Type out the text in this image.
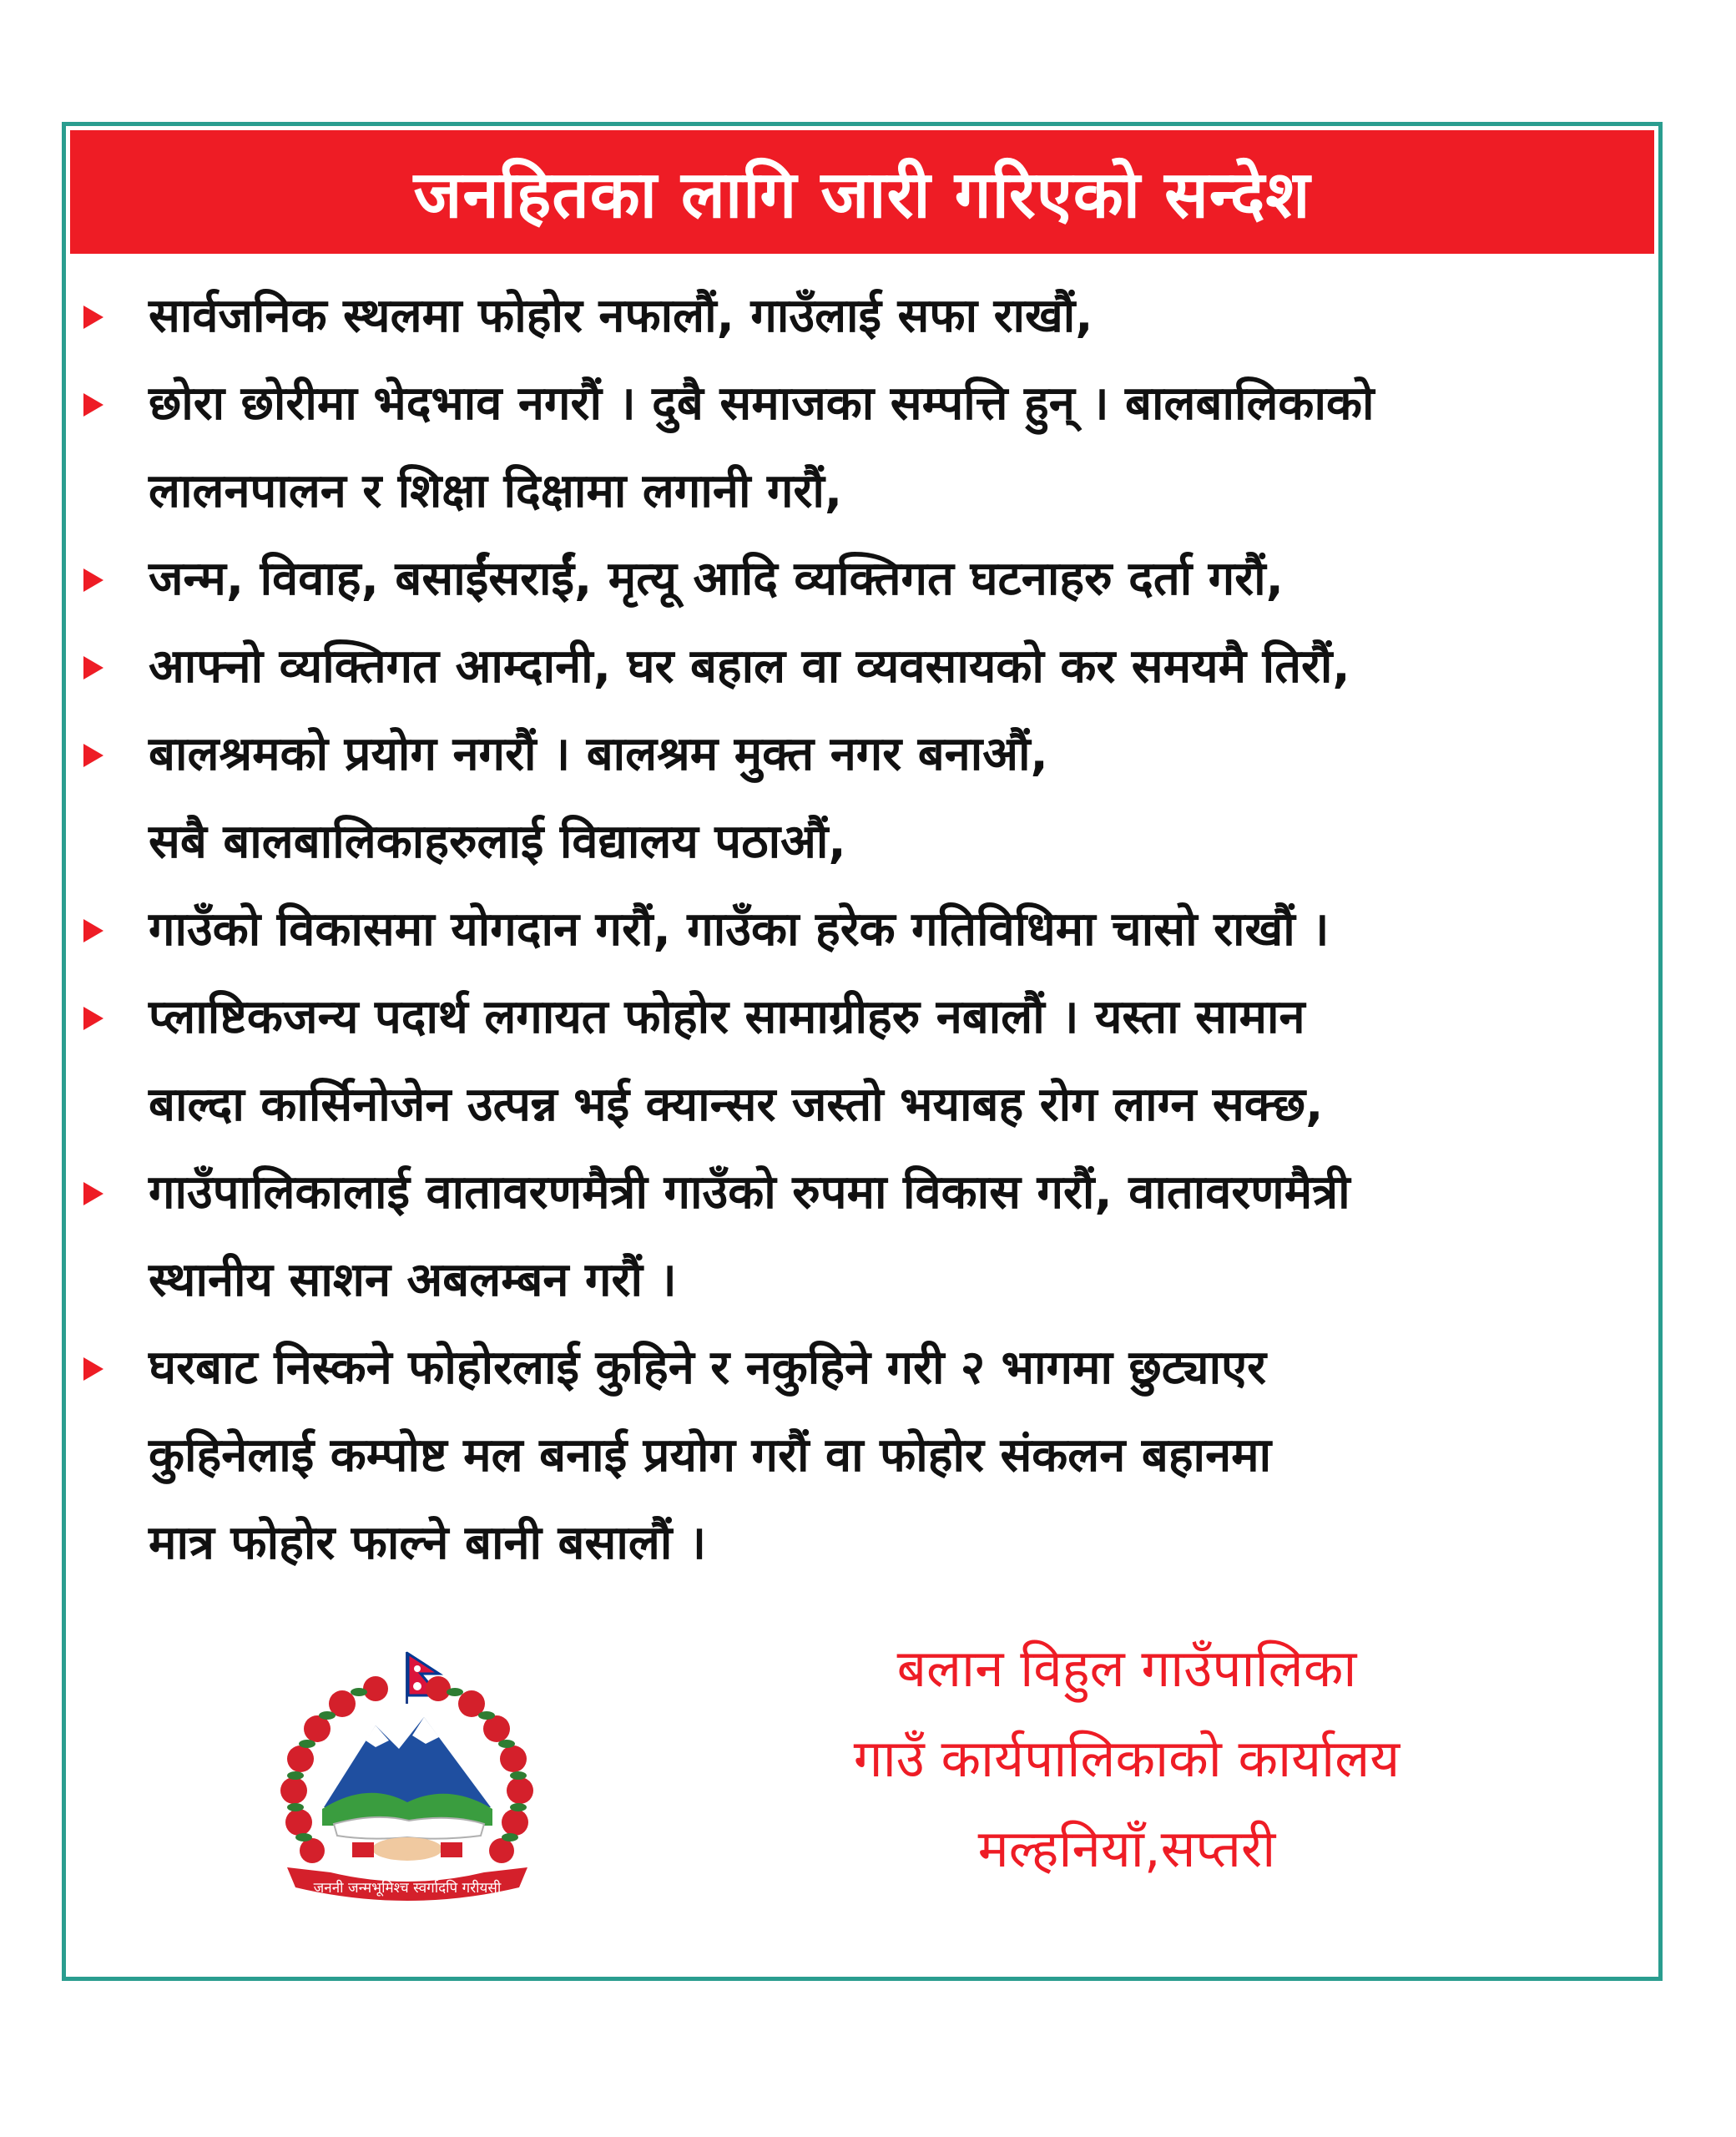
जनहितका लागि जारी गरिएको सन्देश
सार्वजनिक स्थलमा फोहोर नफालौं, गाउँलाई सफा राखौं,
छोरा छोरीमा भेदभाव नगरौं । दुबै समाजका सम्पत्ति हुन् । बालबालिकाको
लालनपालन र शिक्षा दिक्षामा लगानी गरौं,
जन्म, विवाह, बसाईंसराईं, मृत्यू आदि व्यक्तिगत घटनाहरु दर्ता गरौं,
आफ्नो व्यक्तिगत आम्दानी, घर बहाल वा व्यवसायको कर समयमै तिरौं,
बालश्रमको प्रयोग नगरौं । बालश्रम मुक्त नगर बनाऔं,
सबै बालबालिकाहरुलाई विद्यालय पठाऔं,
गाउँको विकासमा योगदान गरौं, गाउँका हरेक गतिविधिमा चासो राखौं ।
प्लाष्टिकजन्य पदार्थ लगायत फोहोर सामाग्रीहरु नबालौं । यस्ता सामान
बाल्दा कार्सिनोजेन उत्पन्न भई क्यान्सर जस्तो भयाबह रोग लाग्न सक्छ,
गाउँपालिकालाई वातावरणमैत्री गाउँको रुपमा विकास गरौं, वातावरणमैत्री
स्थानीय साशन अबलम्बन गरौं ।
घरबाट निस्कने फोहोरलाई कुहिने र नकुहिने गरी २ भागमा छुट्याएर
कुहिनेलाई कम्पोष्ट मल बनाई प्रयोग गरौं वा फोहोर संकलन बहानमा
मात्र फोहोर फाल्ने बानी बसालौं ।
जननी जन्मभूमिश्च स्वर्गादपि गरीयसी
बलान विहुल गाउँपालिका
गाउँ कार्यपालिकाको कार्यालय
मल्हनियाँ,सप्तरी
